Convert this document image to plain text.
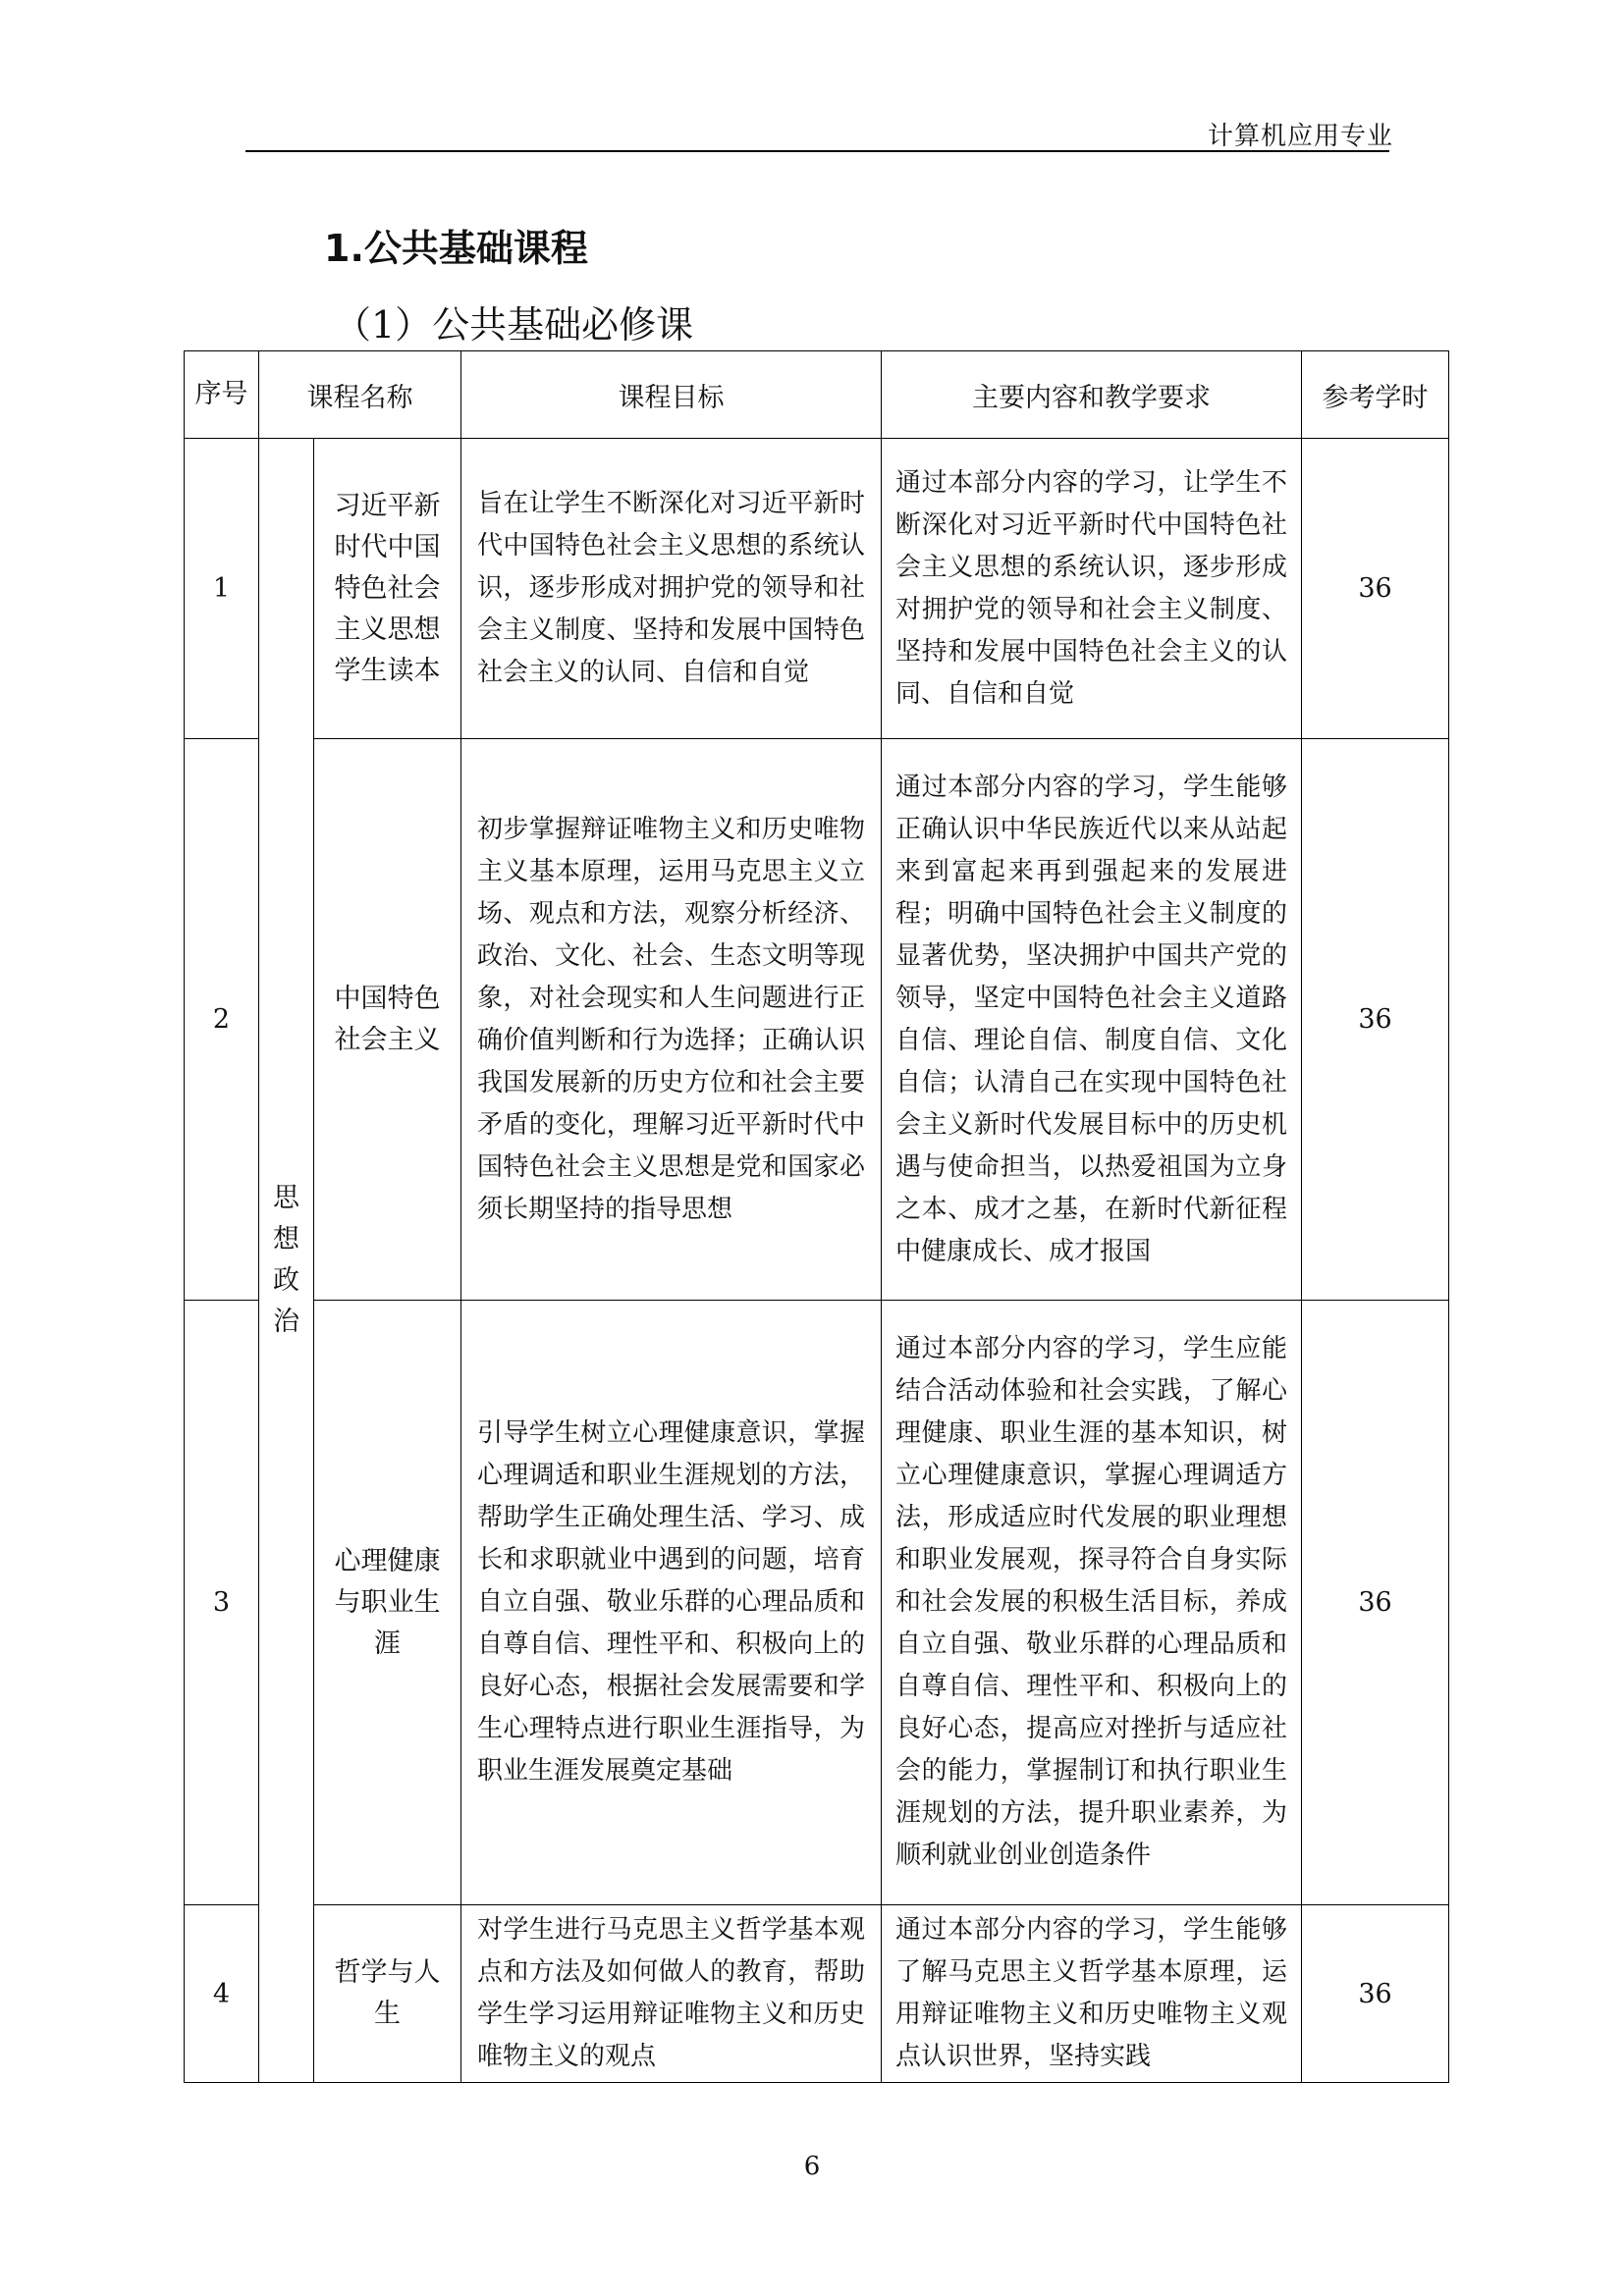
计算机应用专业
1.公共基础课程
（1）公共基础必修课
序号	课程名称		课程目标	主要内容和教学要求	参考学时
1	思想政治	习近平新时代中国特色社会主义思想学生读本	旨在让学生不断深化对习近平新时代中国特色社会主义思想的系统认识，逐步形成对拥护党的领导和社会主义制度、坚持和发展中国特色社会主义的认同、自信和自觉	通过本部分内容的学习，让学生不断深化对习近平新时代中国特色社会主义思想的系统认识，逐步形成对拥护党的领导和社会主义制度、坚持和发展中国特色社会主义的认同、自信和自觉	36
2		中国特色社会主义	初步掌握辩证唯物主义和历史唯物主义基本原理，运用马克思主义立场、观点和方法，观察分析经济、政治、文化、社会、生态文明等现象，对社会现实和人生问题进行正确价值判断和行为选择；正确认识我国发展新的历史方位和社会主要矛盾的变化，理解习近平新时代中国特色社会主义思想是党和国家必须长期坚持的指导思想	通过本部分内容的学习，学生能够正确认识中华民族近代以来从站起来到富起来再到强起来的发展进程；明确中国特色社会主义制度的显著优势，坚决拥护中国共产党的领导，坚定中国特色社会主义道路自信、理论自信、制度自信、文化自信；认清自己在实现中国特色社会主义新时代发展目标中的历史机遇与使命担当，以热爱祖国为立身之本、成才之基，在新时代新征程中健康成长、成才报国	36
3		心理健康与职业生涯	引导学生树立心理健康意识，掌握心理调适和职业生涯规划的方法，帮助学生正确处理生活、学习、成长和求职就业中遇到的问题，培育自立自强、敬业乐群的心理品质和自尊自信、理性平和、积极向上的良好心态，根据社会发展需要和学生心理特点进行职业生涯指导，为职业生涯发展奠定基础	通过本部分内容的学习，学生应能结合活动体验和社会实践，了解心理健康、职业生涯的基本知识，树立心理健康意识，掌握心理调适方法，形成适应时代发展的职业理想和职业发展观，探寻符合自身实际和社会发展的积极生活目标，养成自立自强、敬业乐群的心理品质和自尊自信、理性平和、积极向上的良好心态，提高应对挫折与适应社会的能力，掌握制订和执行职业生涯规划的方法，提升职业素养，为顺利就业创业创造条件	36
4		哲学与人生	对学生进行马克思主义哲学基本观点和方法及如何做人的教育，帮助学生学习运用辩证唯物主义和历史唯物主义的观点	通过本部分内容的学习，学生能够了解马克思主义哲学基本原理，运用辩证唯物主义和历史唯物主义观点认识世界，坚持实践	36
6
